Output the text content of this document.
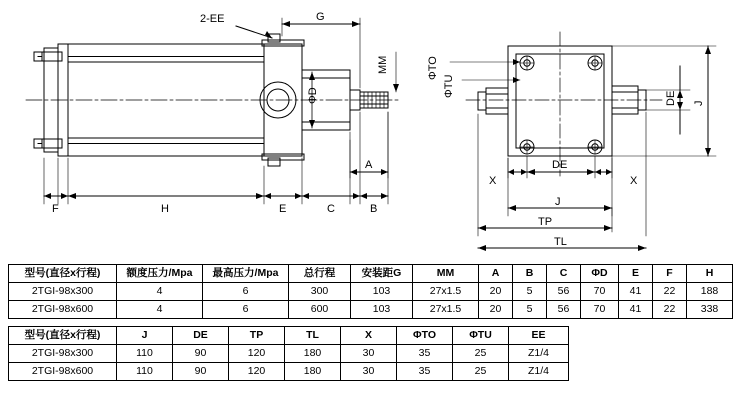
2-EE	G
MM
ΦD
A
B
C
E
H
F
DE J
ΦTO
ΦTU
X
DE
X
J
TP
TL
型号(直径x行程)	额度压力/Mpa	最高压力/Mpa	总行程	安装距G	MM	A	B	C	ΦD	E	F	H
2TGI-98x300	4	6	300	103	27x1.5	20	5	56	70	41	22	188
2TGI-98x600	4	6	600	103	27x1.5	20	5	56	70	41	22	338
型号(直径x行程)	J	DE	TP	TL	X	ΦTO	ΦTU	EE
2TGI-98x300	110	90	120	180	30	35	25	Z1/4
2TGI-98x600	110	90	120	180	30	35	25	Z1/4
